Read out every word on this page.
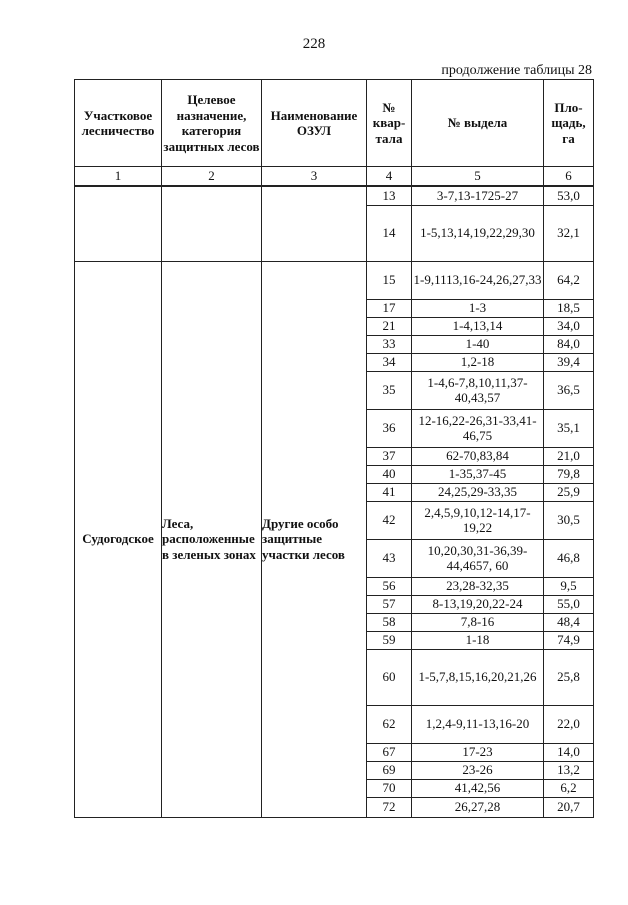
228
продолжение таблицы 28
Участковое лесничество	Целевое назначение, категория защитных лесов	Наименование ОЗУЛ	№ квар-тала	№ выдела	Пло-щадь, га
1	2	3	4	5	6
			13	3-7,13-1725-27	53,0
			14	1-5,13,14,19,22,29,30	32,1
Судогодское	Леса, расположенные в зеленых зонах	Другие особо защитные участки лесов	15	1-9,1113,16-24,26,27,33	64,2
			17	1-3	18,5
			21	1-4,13,14	34,0
			33	1-40	84,0
			34	1,2-18	39,4
			35	1-4,6-7,8,10,11,37-40,43,57	36,5
			36	12-16,22-26,31-33,41-46,75	35,1
			37	62-70,83,84	21,0
			40	1-35,37-45	79,8
			41	24,25,29-33,35	25,9
			42	2,4,5,9,10,12-14,17-19,22	30,5
			43	10,20,30,31-36,39-44,4657, 60	46,8
			56	23,28-32,35	9,5
			57	8-13,19,20,22-24	55,0
			58	7,8-16	48,4
			59	1-18	74,9
			60	1-5,7,8,15,16,20,21,26	25,8
			62	1,2,4-9,11-13,16-20	22,0
			67	17-23	14,0
			69	23-26	13,2
			70	41,42,56	6,2
			72	26,27,28	20,7
